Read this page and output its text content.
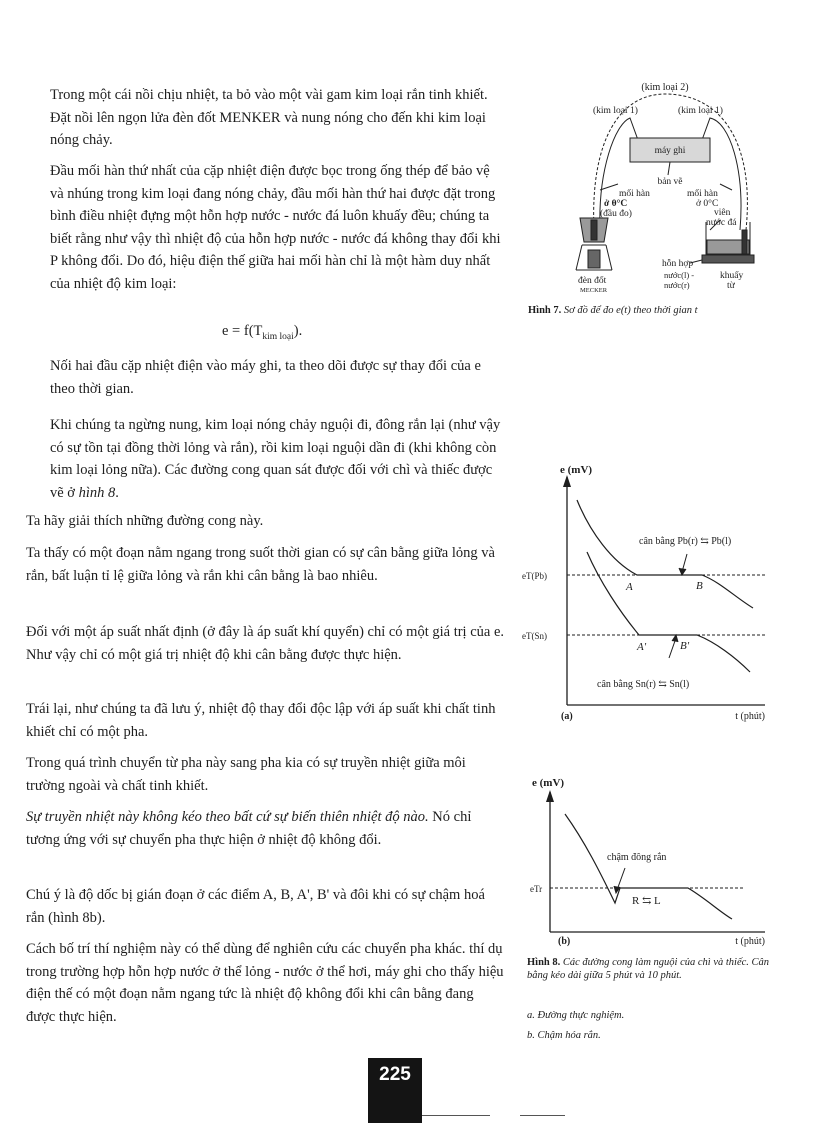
Trong một cái nồi chịu nhiệt, ta bỏ vào một vài gam kim loại rắn tinh khiết. Đặt nồi lên ngọn lửa đèn đốt MENKER và nung nóng cho đến khi kim loại nóng chảy.

Đầu mối hàn thứ nhất của cặp nhiệt điện được bọc trong ống thép để bảo vệ và nhúng trong kim loại đang nóng chảy, đầu mối hàn thứ hai được đặt trong bình điều nhiệt đựng một hỗn hợp nước - nước đá luôn khuấy đều; chúng ta biết rằng như vậy thì nhiệt độ của hỗn hợp nước - nước đá không thay đổi khi P không đổi. Do đó, hiệu điện thế giữa hai mối hàn chỉ là một hàm duy nhất của nhiệt độ kim loại:

$e = f(T_{kim loại})$.

Nối hai đầu cặp nhiệt điện vào máy ghi, ta theo dõi được sự thay đổi của e theo thời gian.

Khi chúng ta ngừng nung, kim loại nóng chảy nguội đi, đông rắn lại (như vậy có sự tồn tại đồng thời lỏng và rắn), rồi kim loại nguội dần đi (khi không còn kim loại lỏng nữa). Các đường cong quan sát được đối với chì và thiếc được vẽ ở hình 8.

Ta hãy giải thích những đường cong này.

Ta thấy có một đoạn nằm ngang trong suốt thời gian có sự cân bằng giữa lỏng và rắn, bất luận tỉ lệ giữa lỏng và rắn khi cân bằng là bao nhiêu.

Đối với một áp suất nhất định (ở đây là áp suất khí quyển) chỉ có một giá trị của e. Như vậy chỉ có một giá trị nhiệt độ khi cân bằng được thực hiện.

Trái lại, như chúng ta đã lưu ý, nhiệt độ thay đổi độc lập với áp suất khi chất tinh khiết chỉ có một pha.

Trong quá trình chuyển từ pha này sang pha kia có sự truyền nhiệt giữa môi trường ngoài và chất tinh khiết.

Sự truyền nhiệt này không kéo theo bất cứ sự biến thiên nhiệt độ nào. Nó chỉ tương ứng với sự chuyển pha thực hiện ở nhiệt độ không đổi.

Chú ý là độ dốc bị gián đoạn ở các điểm A, B, A', B' và đôi khi có sự chậm hoá rắn (hình 8b).

Cách bố trí thí nghiệm này có thể dùng để nghiên cứu các chuyển pha khác. thí dụ trong trường hợp hỗn hợp nước ở thể lỏng - nước ở thể hơi, máy ghi cho thấy hiệu điện thế có một đoạn nằm ngang tức là nhiệt độ không đổi khi cân bằng đang được thực hiện.

(kim loại 2)
(kim loại 1)	(kim loại 1)
máy ghi
bản vẽ
mối hàn
ở θ°C
(đầu đo)
mối hàn
ở 0°C
viên
nước đá
đèn đốt
MECKER
hỗn hợp
nước(l) -
nước(r)
khuấy
từ

Hình 7. Sơ đồ để đo e(t) theo thời gian t

e (mV)
eT(Pb)
eT(Sn)
cân bằng Pb(r) ⇆ Pb(l)
A	B
A'	B'
cân bằng Sn(r) ⇆ Sn(l)
(a)	t (phút)
e (mV)
eTr
chậm đông rắn
R ⇆ L
(b)	t (phút)

Hình 8. Các đường cong làm nguội của chì và thiếc. Cân bằng kéo dài giữa 5 phút và 10 phút.

a. Đường thực nghiệm.

b. Chậm hóa rắn.

225
